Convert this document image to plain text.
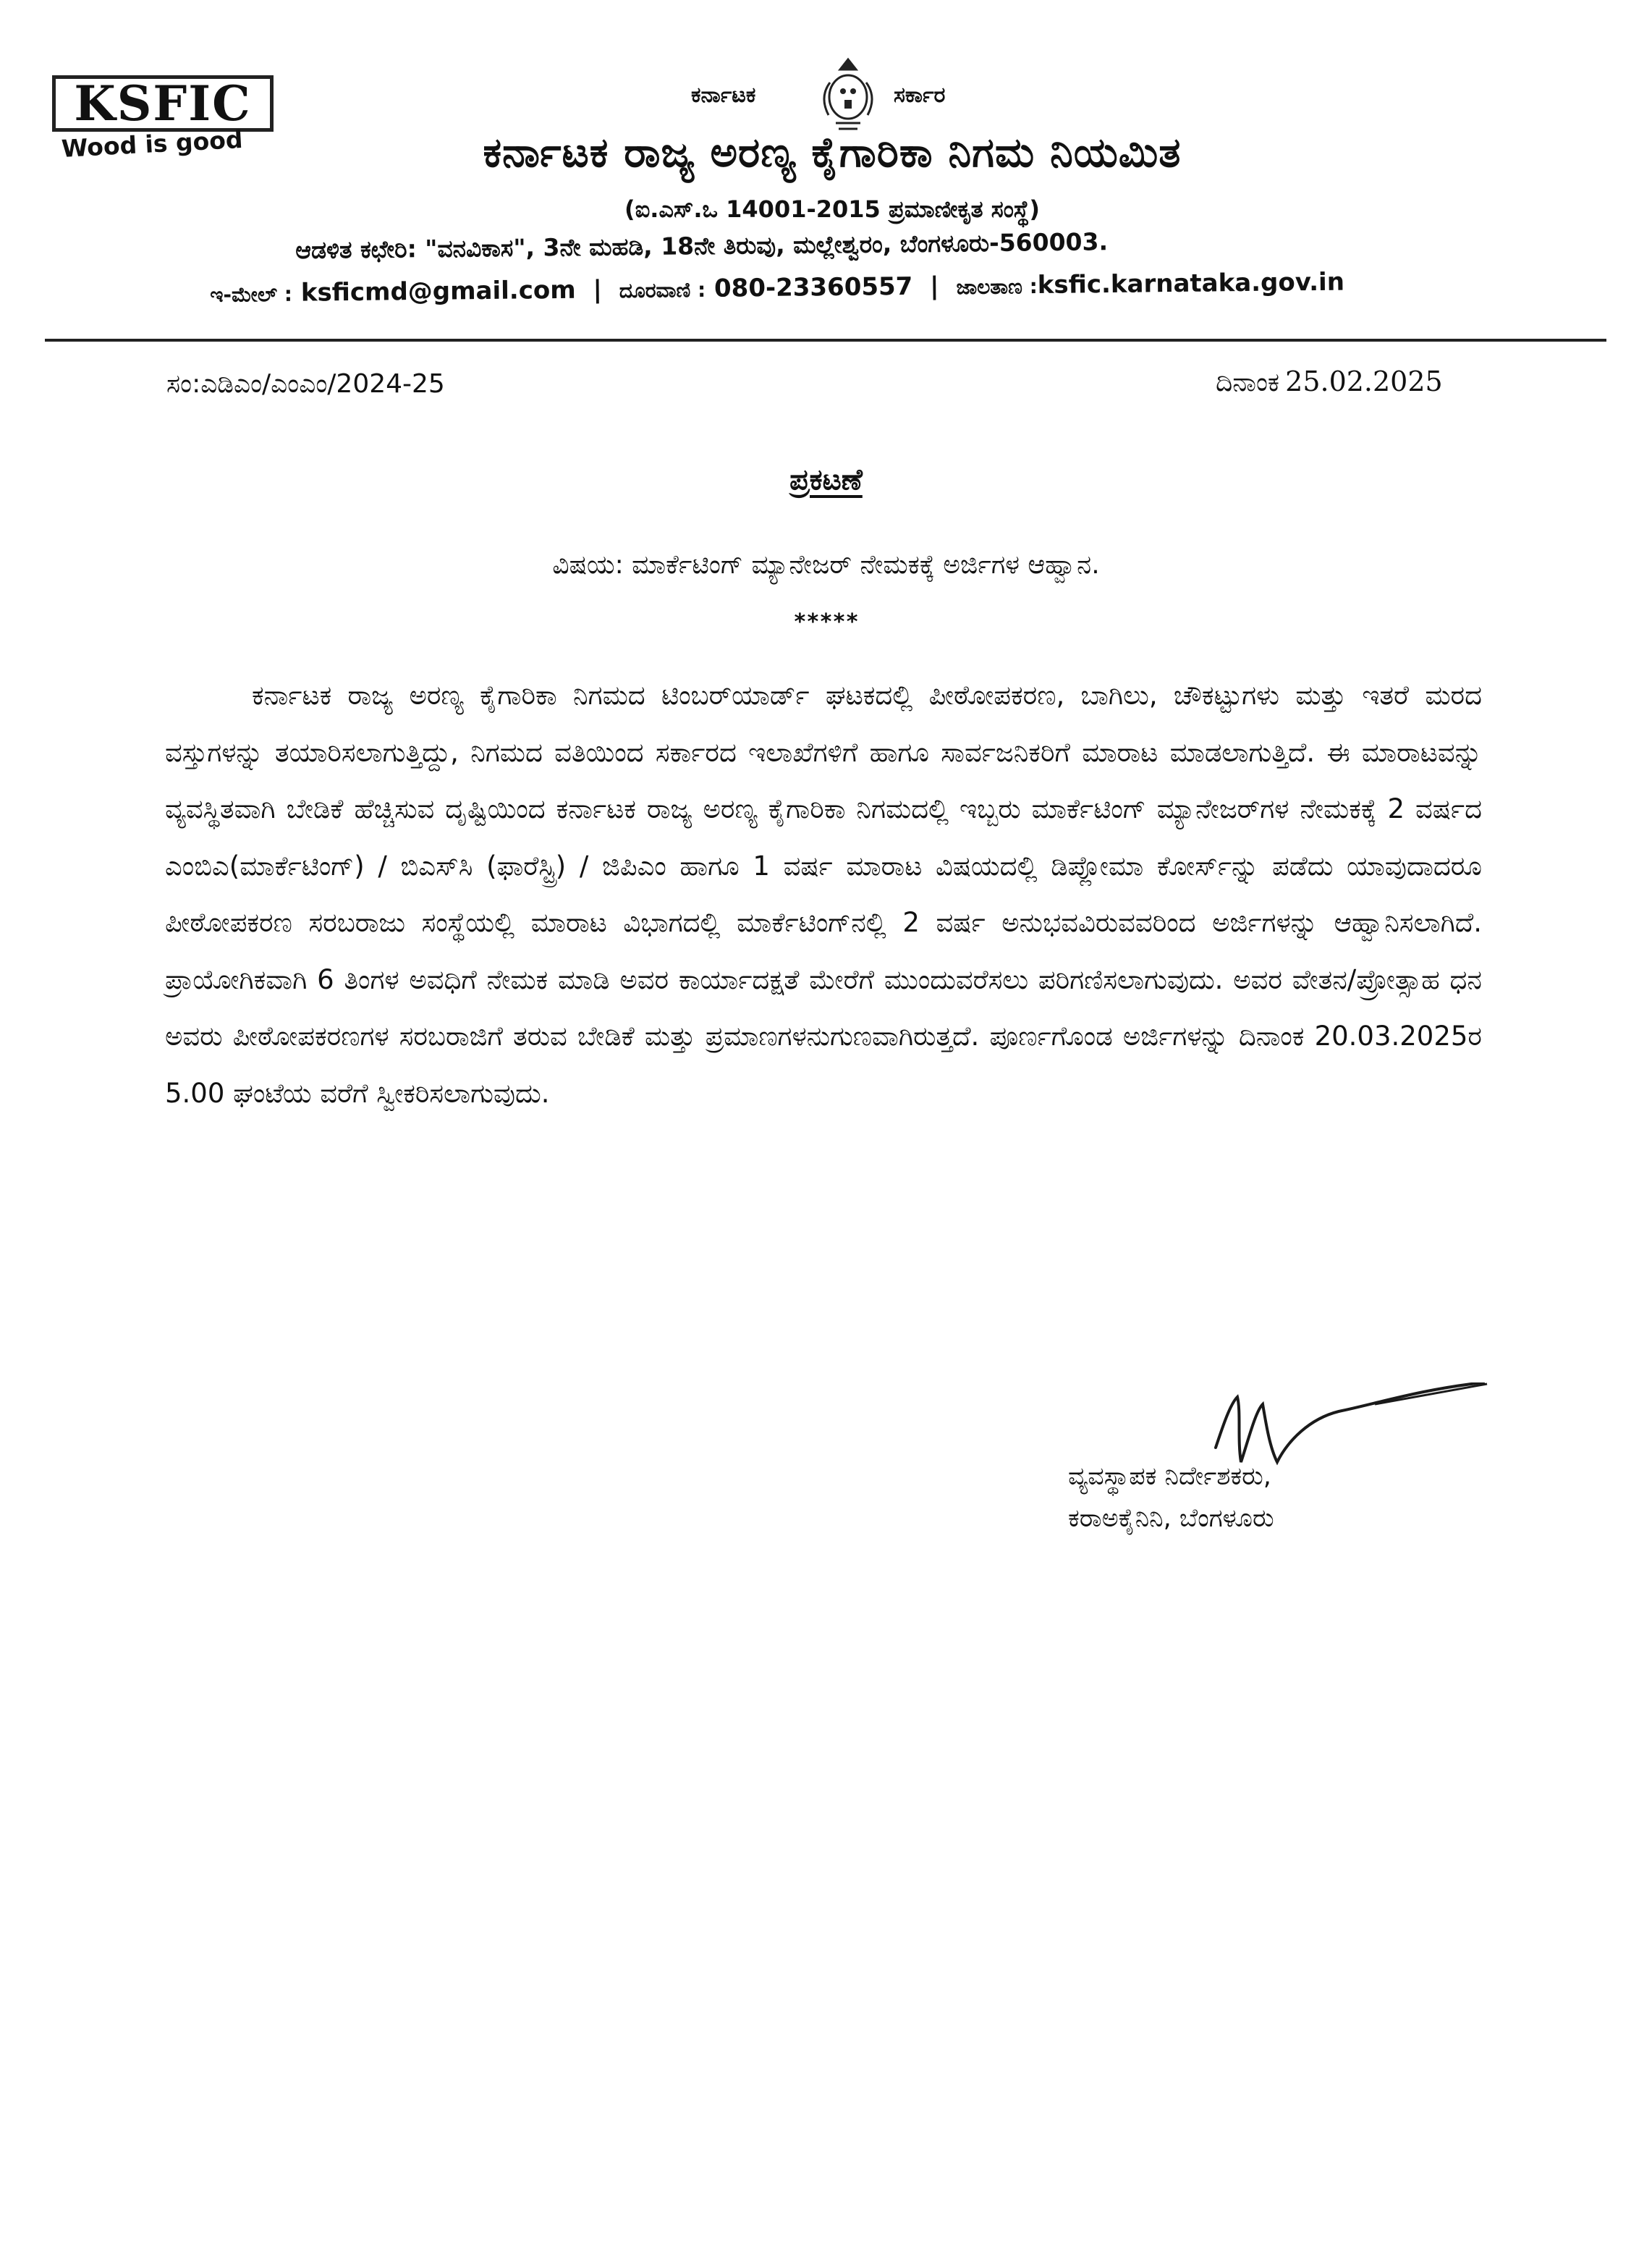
KSFIC
Wood is good
ಕರ್ನಾಟಕ	ಸರ್ಕಾರ
ಕರ್ನಾಟಕ ರಾಜ್ಯ ಅರಣ್ಯ ಕೈಗಾರಿಕಾ ನಿಗಮ ನಿಯಮಿತ
(ಐ.ಎಸ್.ಒ 14001-2015 ಪ್ರಮಾಣೀಕೃತ ಸಂಸ್ಥೆ)
ಆಡಳಿತ ಕಛೇರಿ: "ವನವಿಕಾಸ", 3ನೇ ಮಹಡಿ, 18ನೇ ತಿರುವು, ಮಲ್ಲೇಶ್ವರಂ, ಬೆಂಗಳೂರು-560003.
ಇ-ಮೇಲ್ : ksficmd@gmail.com | ದೂರವಾಣಿ : 080-23360557 | ಜಾಲತಾಣ :ksfic.karnataka.gov.in
ಸಂ:ಎಡಿಎಂ/ಎಂಎಂ/2024-25	ದಿನಾಂಕ 25.02.2025
ಪ್ರಕಟಣೆ
ವಿಷಯ: ಮಾರ್ಕೆಟಿಂಗ್ ಮ್ಯಾನೇಜರ್ ನೇಮಕಕ್ಕೆ ಅರ್ಜಿಗಳ ಆಹ್ವಾನ.
*****
ಕರ್ನಾಟಕ ರಾಜ್ಯ ಅರಣ್ಯ ಕೈಗಾರಿಕಾ ನಿಗಮದ ಟಿಂಬರ್‌ಯಾರ್ಡ್ ಘಟಕದಲ್ಲಿ ಪೀಠೋಪಕರಣ, ಬಾಗಿಲು, ಚೌಕಟ್ಟುಗಳು ಮತ್ತು ಇತರೆ ಮರದ ವಸ್ತುಗಳನ್ನು ತಯಾರಿಸಲಾಗುತ್ತಿದ್ದು, ನಿಗಮದ ವತಿಯಿಂದ ಸರ್ಕಾರದ ಇಲಾಖೆಗಳಿಗೆ ಹಾಗೂ ಸಾರ್ವಜನಿಕರಿಗೆ ಮಾರಾಟ ಮಾಡಲಾಗುತ್ತಿದೆ. ಈ ಮಾರಾಟವನ್ನು ವ್ಯವಸ್ಥಿತವಾಗಿ ಬೇಡಿಕೆ ಹೆಚ್ಚಿಸುವ ದೃಷ್ಟಿಯಿಂದ ಕರ್ನಾಟಕ ರಾಜ್ಯ ಅರಣ್ಯ ಕೈಗಾರಿಕಾ ನಿಗಮದಲ್ಲಿ ಇಬ್ಬರು ಮಾರ್ಕೆಟಿಂಗ್ ಮ್ಯಾನೇಜರ್‌ಗಳ ನೇಮಕಕ್ಕೆ 2 ವರ್ಷದ ಎಂಬಿಎ(ಮಾರ್ಕೆಟಿಂಗ್) / ಬಿಎಸ್‌ಸಿ (ಫಾರೆಸ್ಟ್ರಿ) / ಜಿಪಿಎಂ ಹಾಗೂ 1 ವರ್ಷ ಮಾರಾಟ ವಿಷಯದಲ್ಲಿ ಡಿಪ್ಲೋಮಾ ಕೋರ್ಸ್‌ನ್ನು ಪಡೆದು ಯಾವುದಾದರೂ ಪೀಠೋಪಕರಣ ಸರಬರಾಜು ಸಂಸ್ಥೆಯಲ್ಲಿ ಮಾರಾಟ ವಿಭಾಗದಲ್ಲಿ ಮಾರ್ಕೆಟಿಂಗ್‌ನಲ್ಲಿ 2 ವರ್ಷ ಅನುಭವವಿರುವವರಿಂದ ಅರ್ಜಿಗಳನ್ನು ಆಹ್ವಾನಿಸಲಾಗಿದೆ. ಪ್ರಾಯೋಗಿಕವಾಗಿ 6 ತಿಂಗಳ ಅವಧಿಗೆ ನೇಮಕ ಮಾಡಿ ಅವರ ಕಾರ್ಯಾದಕ್ಷತೆ ಮೇರೆಗೆ ಮುಂದುವರೆಸಲು ಪರಿಗಣಿಸಲಾಗುವುದು. ಅವರ ವೇತನ/ಪ್ರೋತ್ಸಾಹ ಧನ ಅವರು ಪೀಠೋಪಕರಣಗಳ ಸರಬರಾಜಿಗೆ ತರುವ ಬೇಡಿಕೆ ಮತ್ತು ಪ್ರಮಾಣಗಳನುಗುಣವಾಗಿರುತ್ತದೆ. ಪೂರ್ಣಗೊಂಡ ಅರ್ಜಿಗಳನ್ನು ದಿನಾಂಕ 20.03.2025ರ 5.00 ಘಂಟೆಯ ವರೆಗೆ ಸ್ವೀಕರಿಸಲಾಗುವುದು.
ವ್ಯವಸ್ಥಾಪಕ ನಿರ್ದೇಶಕರು,
ಕರಾಅಕೈನಿನಿ, ಬೆಂಗಳೂರು
